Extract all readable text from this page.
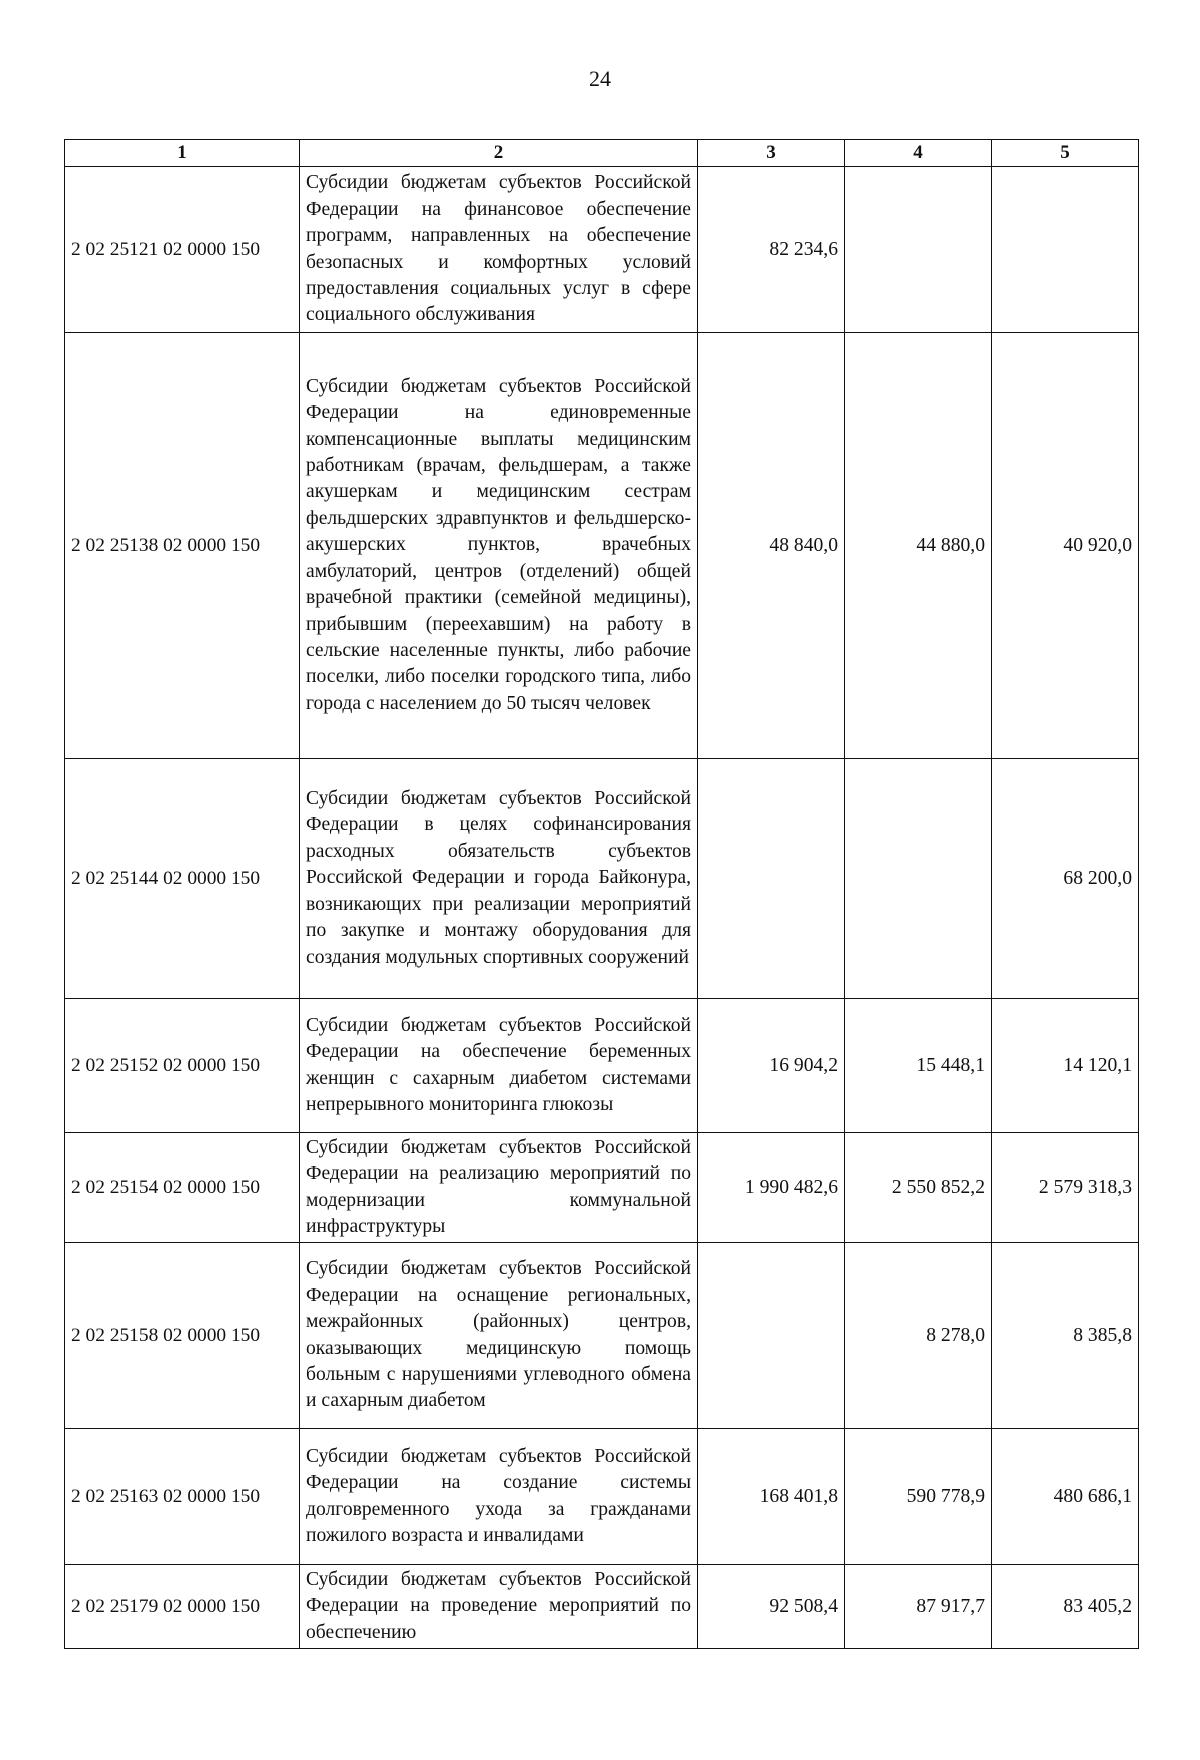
24
1	2	3	4	5
2 02 25121 02 0000 150	Субсидии бюджетам субъектов Российской Федерации на финансовое обеспечение программ, направленных на обеспечение безопасных и комфортных условий предоставления социальных услуг в сфере социального обслуживания	82 234,6		
2 02 25138 02 0000 150	Субсидии бюджетам субъектов Российской Федерации на единовременные компенсационные выплаты медицинским работникам (врачам, фельдшерам, а также акушеркам и медицинским сестрам фельдшерских здравпунктов и фельдшерско-акушерских пунктов, врачебных амбулаторий, центров (отделений) общей врачебной практики (семейной медицины), прибывшим (переехавшим) на работу в сельские населенные пункты, либо рабочие поселки, либо поселки городского типа, либо города с населением до 50 тысяч человек	48 840,0	44 880,0	40 920,0
2 02 25144 02 0000 150	Субсидии бюджетам субъектов Российской Федерации в целях софинансирования расходных обязательств субъектов Российской Федерации и города Байконура, возникающих при реализации мероприятий по закупке и монтажу оборудования для создания модульных спортивных сооружений			68 200,0
2 02 25152 02 0000 150	Субсидии бюджетам субъектов Российской Федерации на обеспечение беременных женщин с сахарным диабетом системами непрерывного мониторинга глюкозы	16 904,2	15 448,1	14 120,1
2 02 25154 02 0000 150	Субсидии бюджетам субъектов Российской Федерации на реализацию мероприятий по модернизации коммунальной инфраструктуры	1 990 482,6	2 550 852,2	2 579 318,3
2 02 25158 02 0000 150	Субсидии бюджетам субъектов Российской Федерации на оснащение региональных, межрайонных (районных) центров, оказывающих медицинскую помощь больным с нарушениями углеводного обмена и сахарным диабетом		8 278,0	8 385,8
2 02 25163 02 0000 150	Субсидии бюджетам субъектов Российской Федерации на создание системы долговременного ухода за гражданами пожилого возраста и инвалидами	168 401,8	590 778,9	480 686,1
2 02 25179 02 0000 150	Субсидии бюджетам субъектов Российской Федерации на проведение мероприятий по обеспечению	92 508,4	87 917,7	83 405,2
